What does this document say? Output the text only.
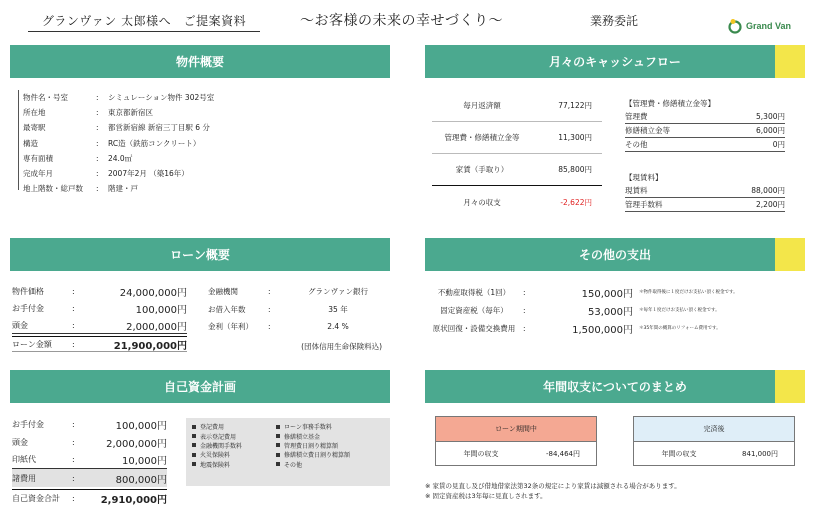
グランヴァン 太郎様へ　ご提案資料	～お客様の未来の幸せづくり～	業務委託	Grand Van
物件概要
物件名・号室	:	シミュレーション物件 302号室
所在地	:	東京都新宿区
最寄駅	:	都営新宿線 新宿三丁目駅 6 分
構造	:	RC造（鉄筋コンクリート）
専有面積	:	24.0㎡
完成年月	:	2007年2月 （築16年）
地上階数・総戸数	:	階建・戸
月々のキャッシュフロー
毎月返済額	77,122円
管理費・修繕積立金等	11,300円
家賃（手取り）	85,800円
月々の収支	-2,622円
【管理費・修繕積立金等】
管理費	5,300円
修繕積立金等	6,000円
その他	0円
【現賃料】
現賃料	88,000円
管理手数料	2,200円
ローン概要
物件価格	:	24,000,000円
お手付金	:	100,000円
頭金	:	2,000,000円
ローン金額	:	21,900,000円
金融機関	:	グランヴァン銀行
お借入年数	:	35 年
金利（年利）	:	2.4 %
(団体信用生命保険料込)
その他の支出
不動産取得税（1回）	:	150,000円	＊物件取得後に１度だけお支払い頂く税金です。
固定資産税（毎年）	:	53,000円	＊毎年１度だけお支払い頂く税金です。
原状回復・設備交換費用	:	1,500,000円	＊35年間の概算のリフォーム費用です。
自己資金計画
お手付金	:	100,000円
頭金	:	2,000,000円
印紙代	:	10,000円
諸費用	:	800,000円
自己資金合計	:	2,910,000円
登記費用	ローン事務手数料
表示登記費用	修繕積立基金
金融機関手数料	管理費日割り精算額
火災保険料	修繕積立費日割り精算額
地震保険料	その他
年間収支についてのまとめ
ローン期間中
年間の収支	-84,464円
完済後
年間の収支	841,000円
※ 家賃の見直し及び借地借家法第32条の規定により家賃は減額される場合があります。
※ 固定資産税は3年毎に見直しされます。
